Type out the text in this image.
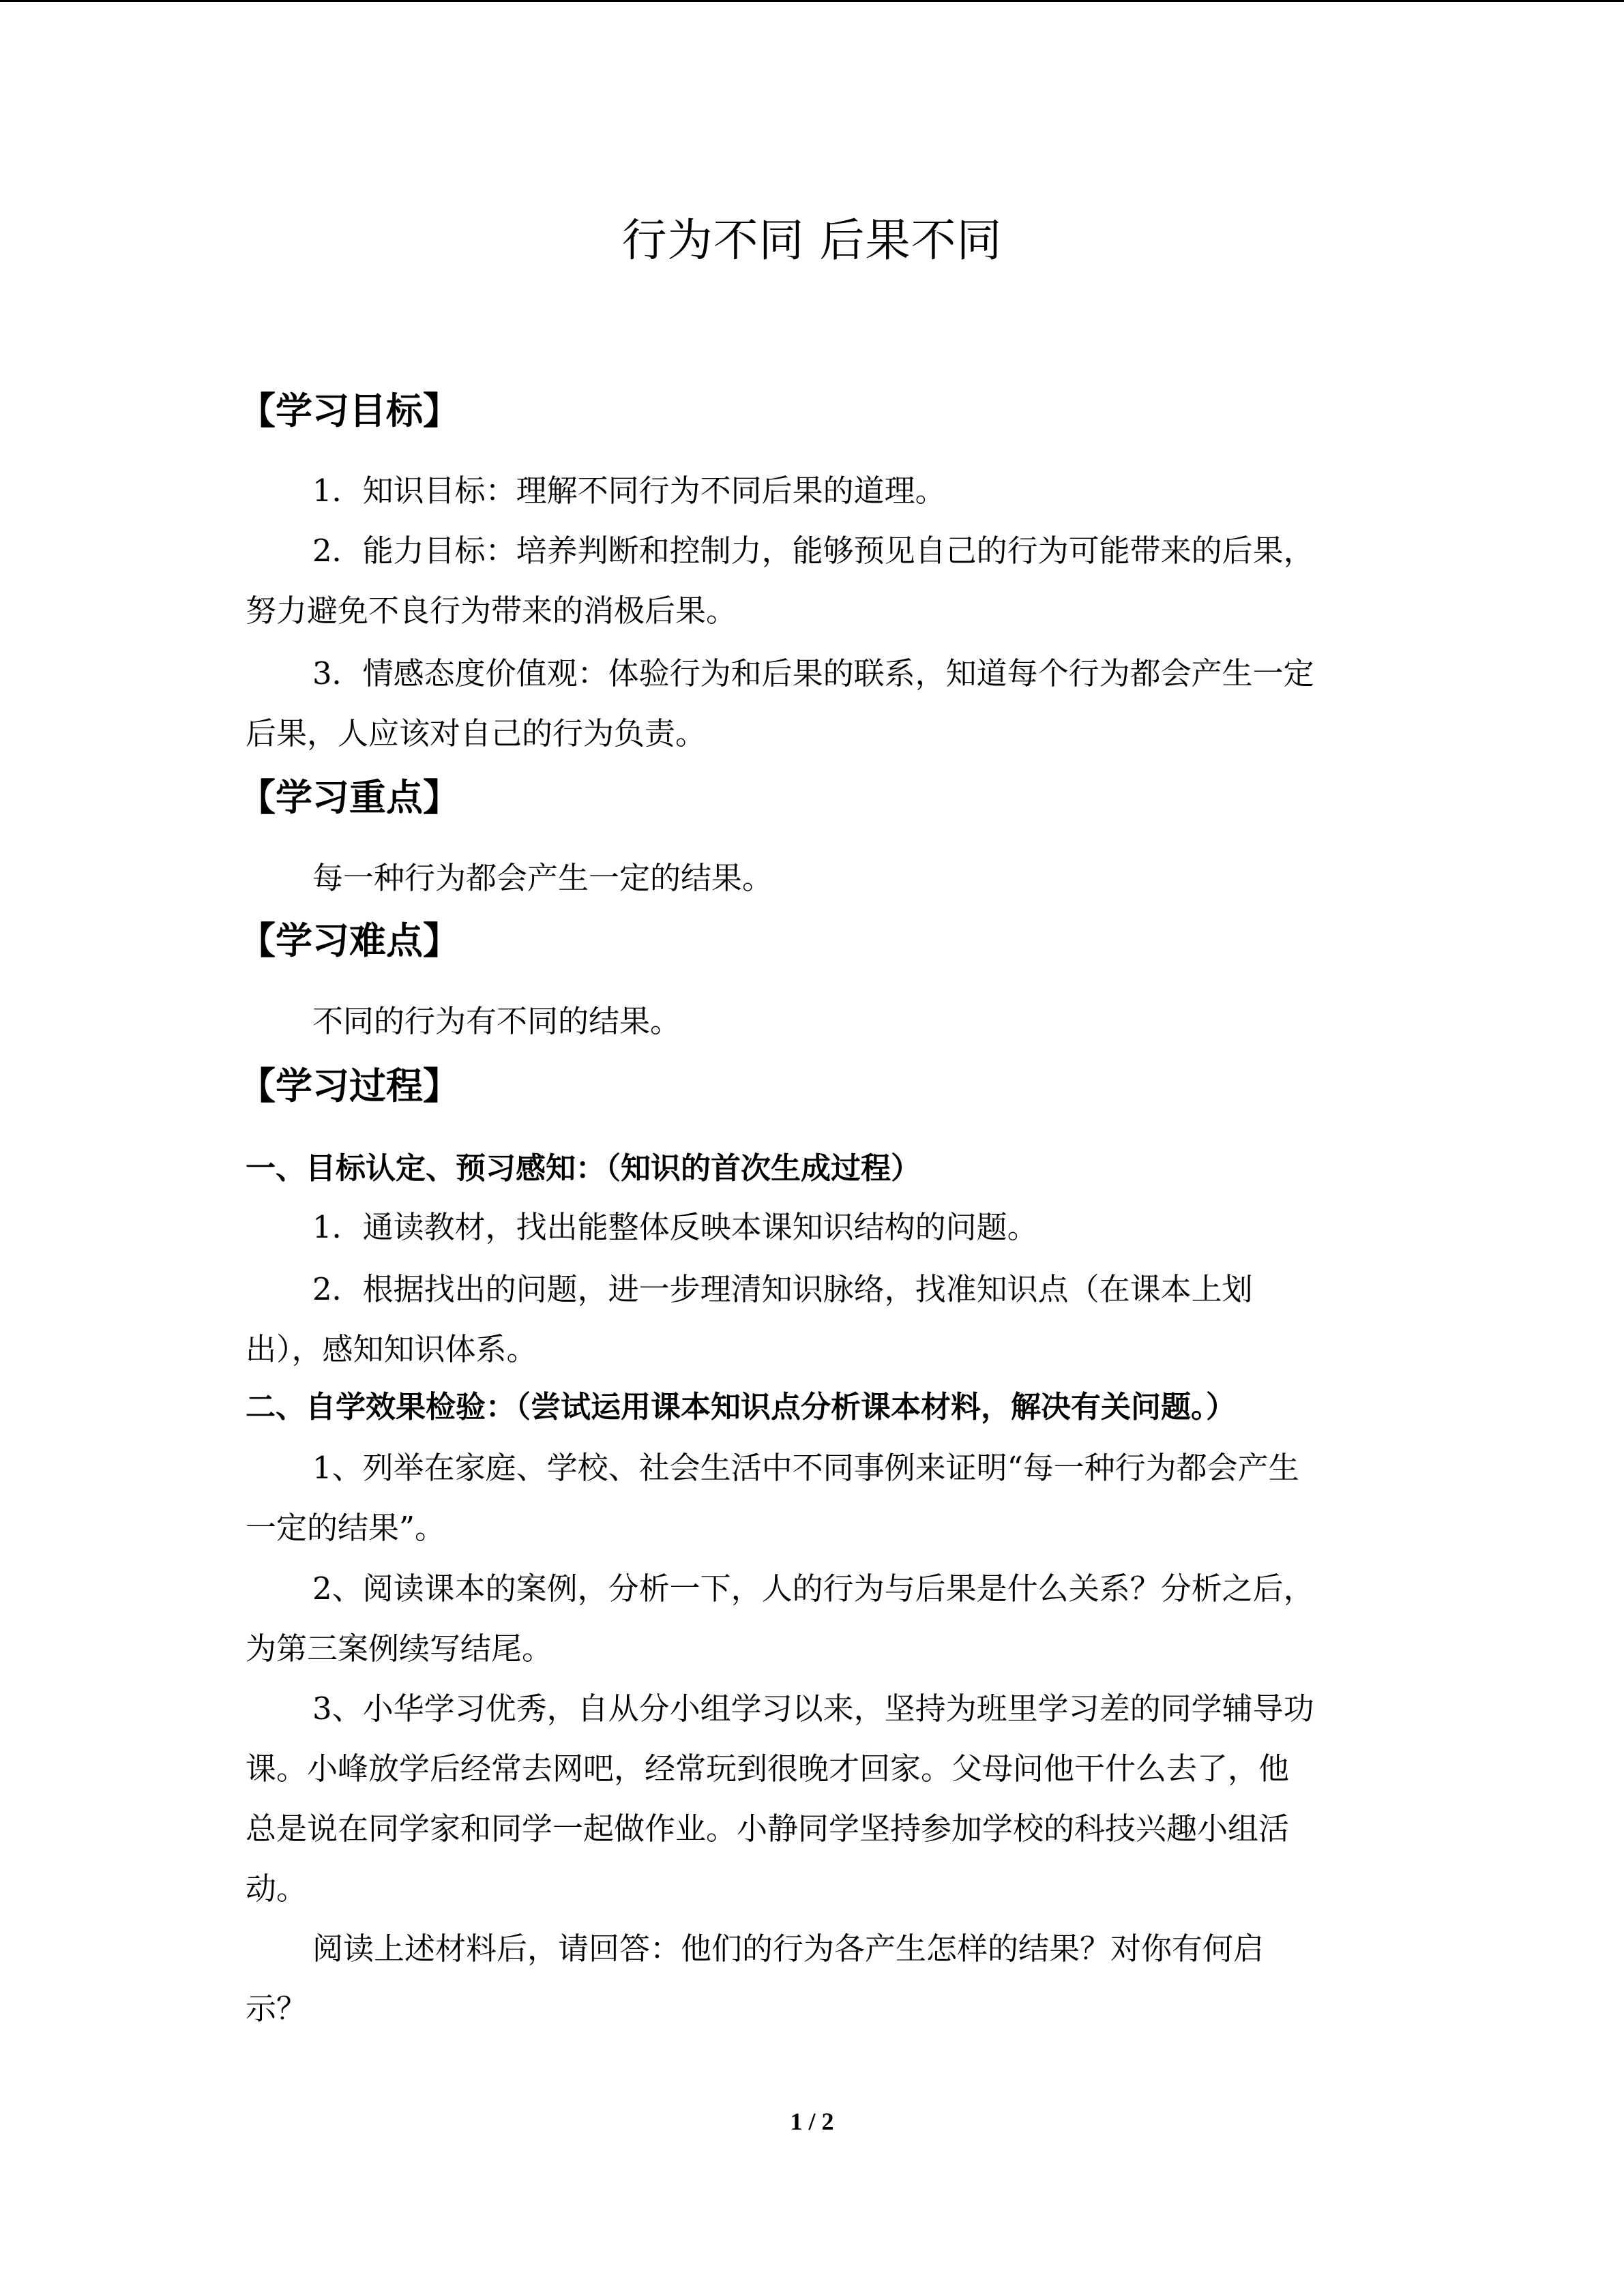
行为不同 后果不同
【学习目标】

1．知识目标：理解不同行为不同后果的道理。

2．能力目标：培养判断和控制力，能够预见自己的行为可能带来的后果，

努力避免不良行为带来的消极后果。

3．情感态度价值观：体验行为和后果的联系，知道每个行为都会产生一定

后果，人应该对自己的行为负责。

【学习重点】

每一种行为都会产生一定的结果。

【学习难点】

不同的行为有不同的结果。

【学习过程】
一、目标认定、预习感知：（知识的首次生成过程）

1．通读教材，找出能整体反映本课知识结构的问题。

2．根据找出的问题，进一步理清知识脉络，找准知识点（在课本上划

出），感知知识体系。

二、自学效果检验：（尝试运用课本知识点分析课本材料，解决有关问题。）

1、列举在家庭、学校、社会生活中不同事例来证明“每一种行为都会产生

一定的结果”。

2、阅读课本的案例，分析一下，人的行为与后果是什么关系？分析之后，

为第三案例续写结尾。

3、小华学习优秀，自从分小组学习以来，坚持为班里学习差的同学辅导功

课。小峰放学后经常去网吧，经常玩到很晚才回家。父母问他干什么去了，他

总是说在同学家和同学一起做作业。小静同学坚持参加学校的科技兴趣小组活

动。

阅读上述材料后，请回答：他们的行为各产生怎样的结果？对你有何启

示？

1 / 2
